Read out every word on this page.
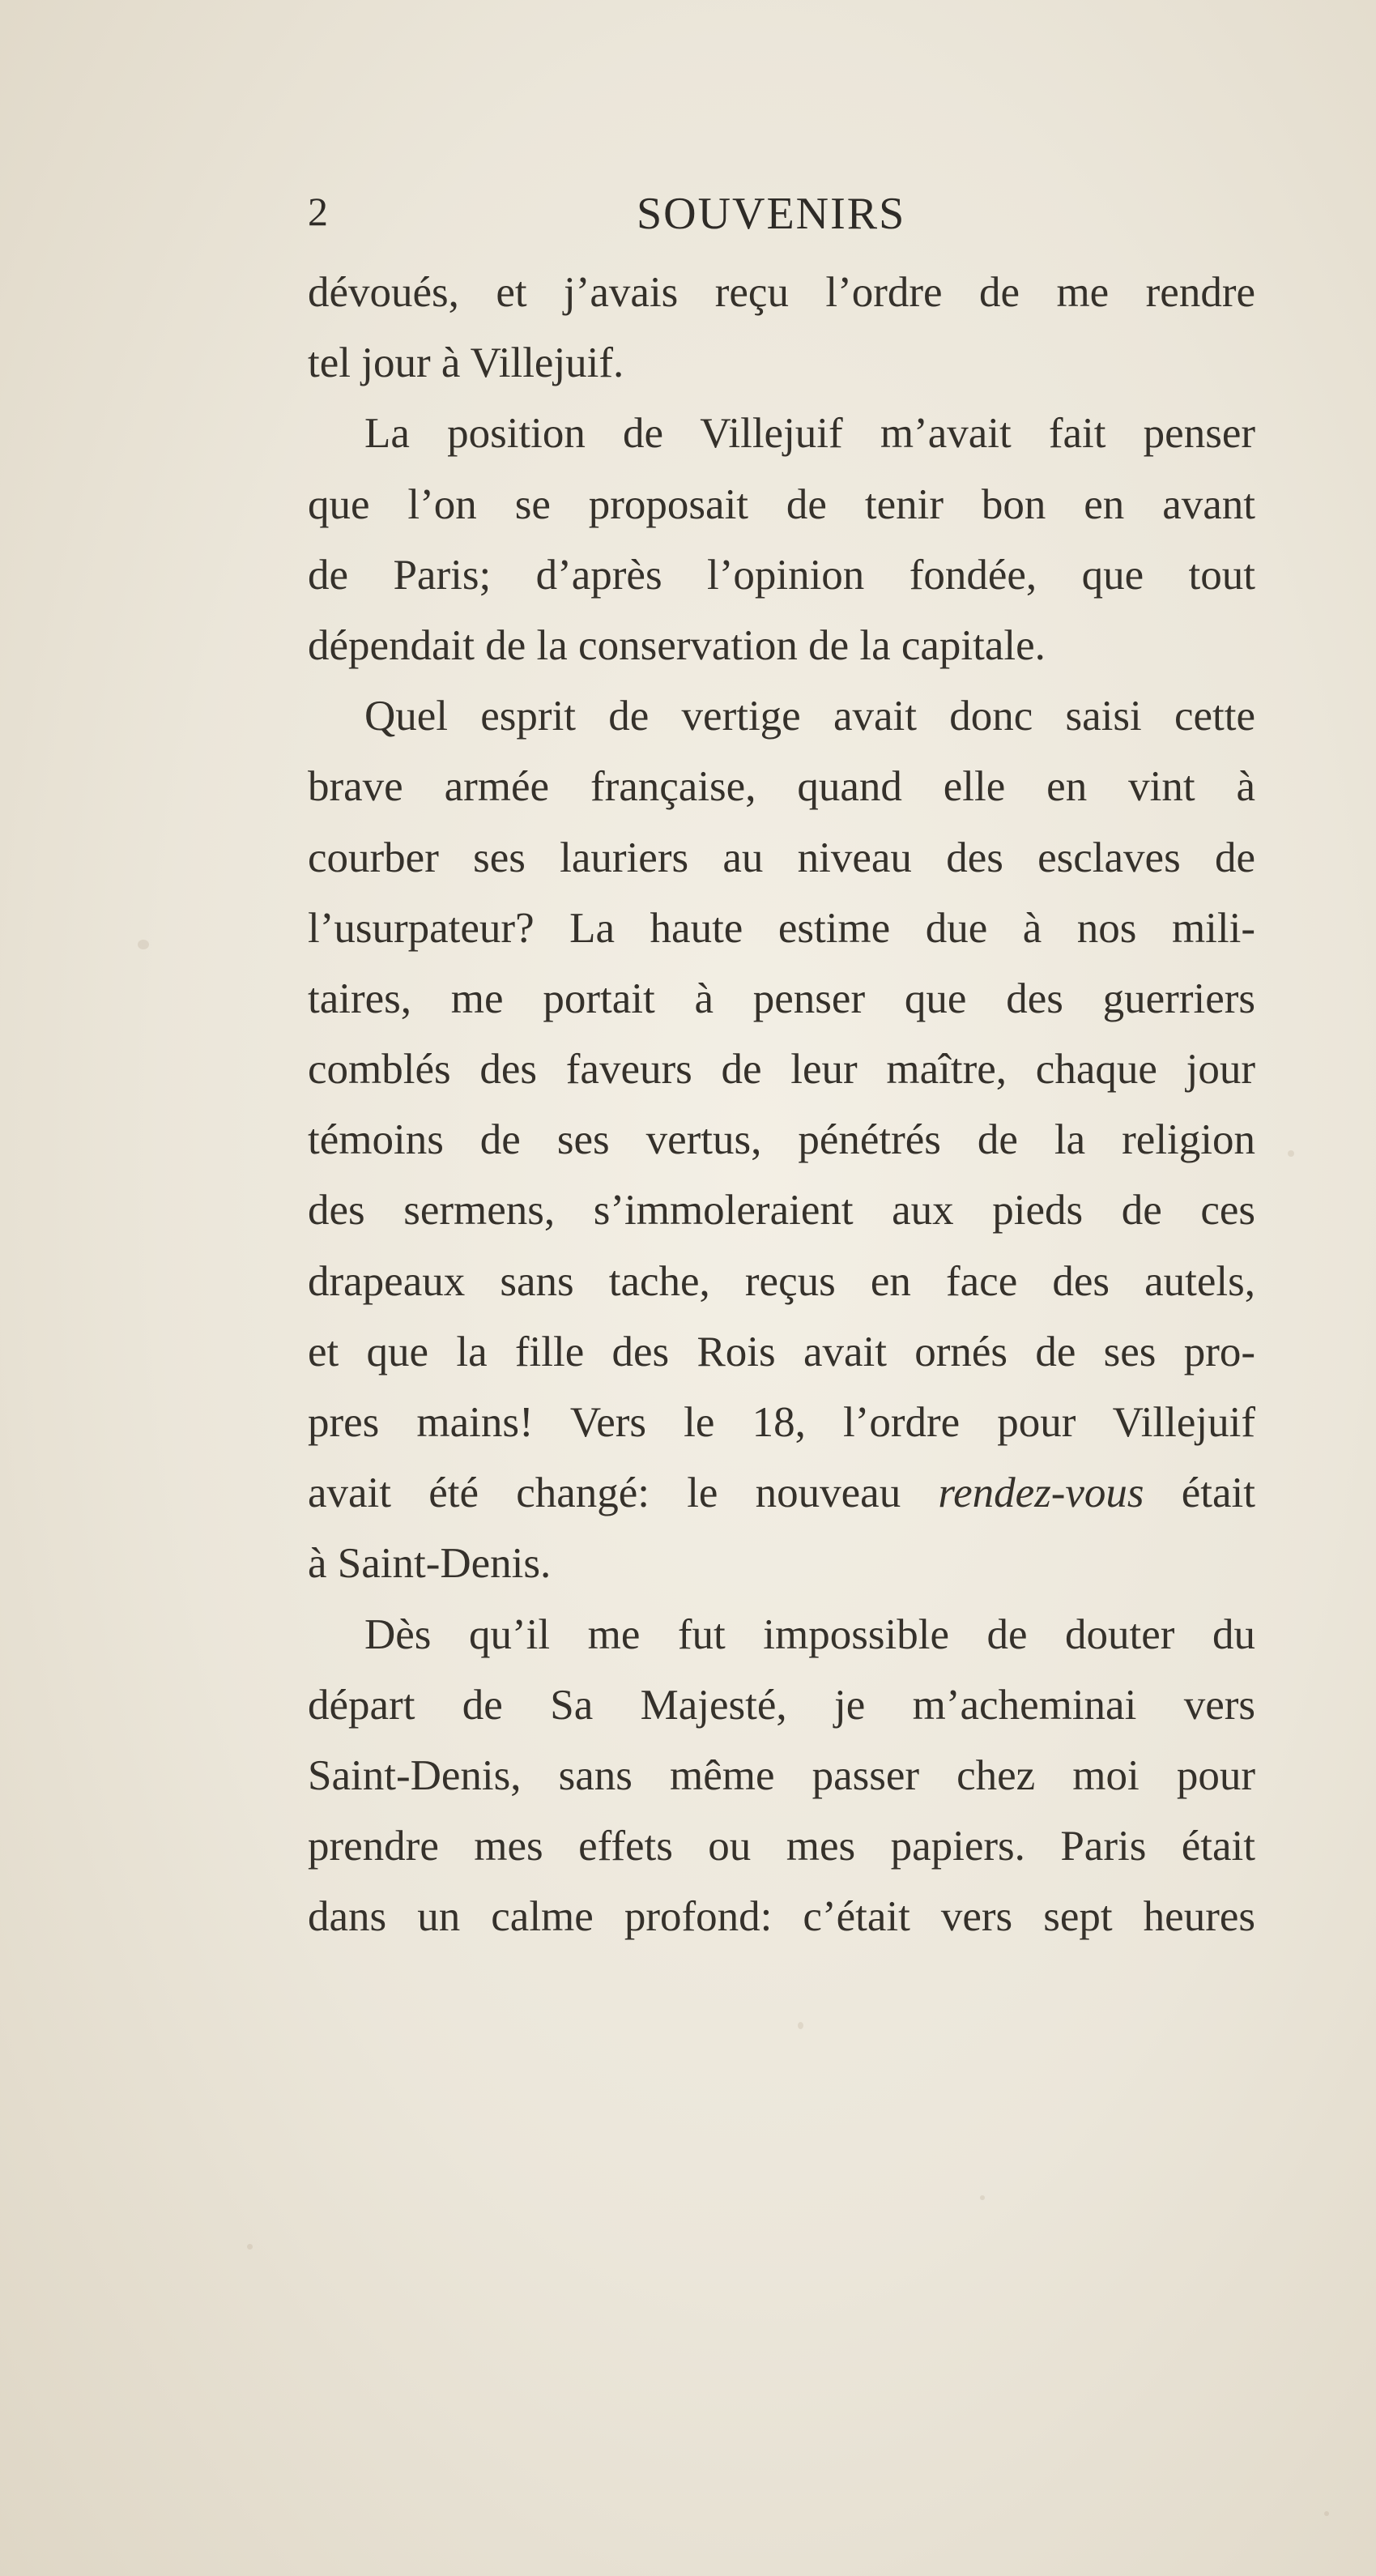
2	SOUVENIRS
dévoués, et j’avais reçu l’ordre de me rendre
tel jour à Villejuif.
La position de Villejuif m’avait fait penser
que l’on se proposait de tenir bon en avant
de Paris; d’après l’opinion fondée, que tout
dépendait de la conservation de la capitale.
Quel esprit de vertige avait donc saisi cette
brave armée française, quand elle en vint à
courber ses lauriers au niveau des esclaves de
l’usurpateur? La haute estime due à nos mili-
taires, me portait à penser que des guerriers
comblés des faveurs de leur maître, chaque jour
témoins de ses vertus, pénétrés de la religion
des sermens, s’immoleraient aux pieds de ces
drapeaux sans tache, reçus en face des autels,
et que la fille des Rois avait ornés de ses pro-
pres mains! Vers le 18, l’ordre pour Villejuif
avait été changé: le nouveau rendez-vous était
à Saint-Denis.
Dès qu’il me fut impossible de douter du
départ de Sa Majesté, je m’acheminai vers
Saint-Denis, sans même passer chez moi pour
prendre mes effets ou mes papiers. Paris était
dans un calme profond: c’était vers sept heures
